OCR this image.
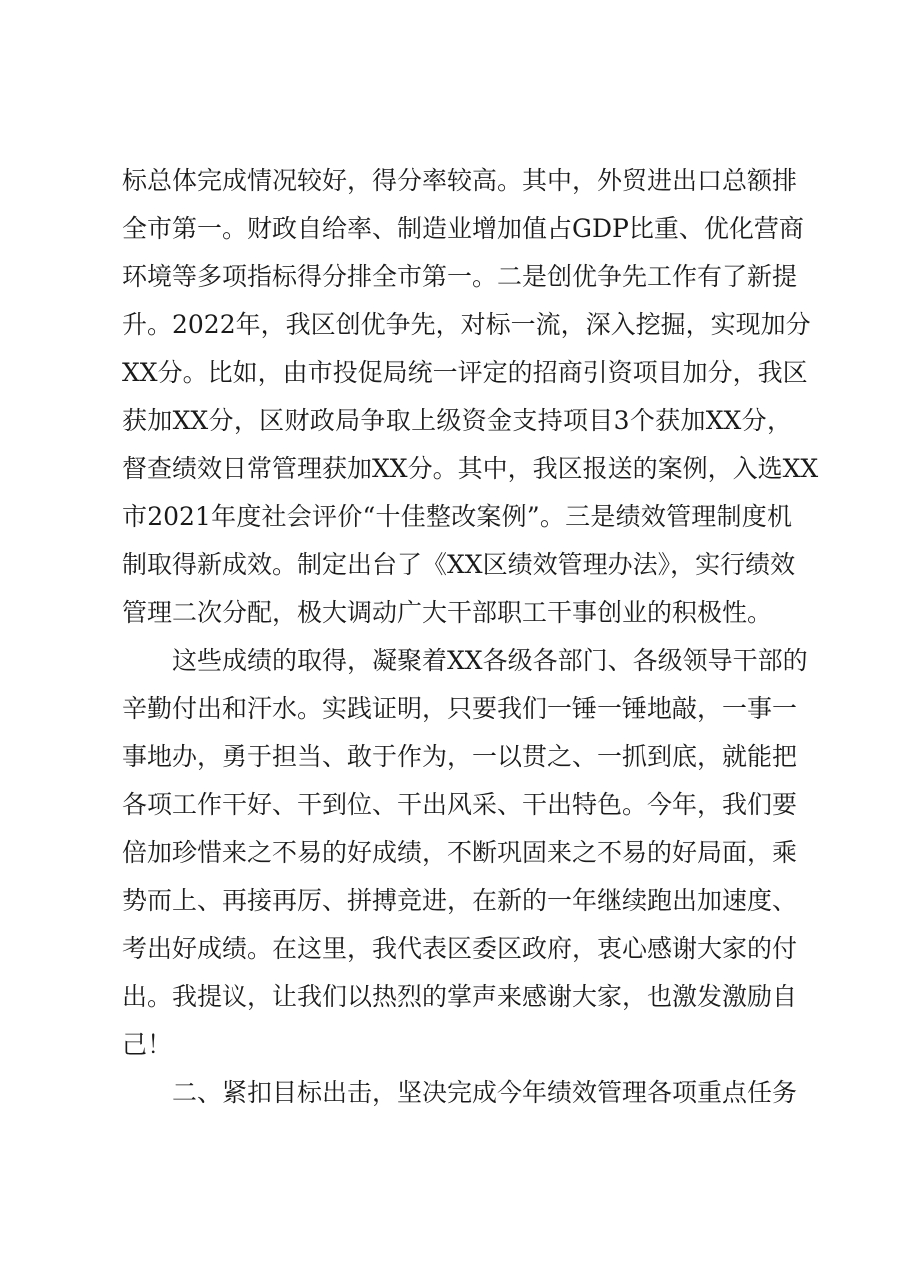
标总体完成情况较好，得分率较高。其中，外贸进出口总额排
全市第一。财政自给率、制造业增加值占GDP比重、优化营商
环境等多项指标得分排全市第一。二是创优争先工作有了新提
升。2022年，我区创优争先，对标一流，深入挖掘，实现加分
XX分。比如，由市投促局统一评定的招商引资项目加分，我区
获加XX分，区财政局争取上级资金支持项目3个获加XX分，
督查绩效日常管理获加XX分。其中，我区报送的案例，入选XX
市2021年度社会评价“十佳整改案例”。三是绩效管理制度机
制取得新成效。制定出台了《XX区绩效管理办法》，实行绩效
管理二次分配，极大调动广大干部职工干事创业的积极性。
这些成绩的取得，凝聚着XX各级各部门、各级领导干部的
辛勤付出和汗水。实践证明，只要我们一锤一锤地敲，一事一
事地办，勇于担当、敢于作为，一以贯之、一抓到底，就能把
各项工作干好、干到位、干出风采、干出特色。今年，我们要
倍加珍惜来之不易的好成绩，不断巩固来之不易的好局面，乘
势而上、再接再厉、拼搏竞进，在新的一年继续跑出加速度、
考出好成绩。在这里，我代表区委区政府，衷心感谢大家的付
出。我提议，让我们以热烈的掌声来感谢大家，也激发激励自
己！
二、紧扣目标出击，坚决完成今年绩效管理各项重点任务
